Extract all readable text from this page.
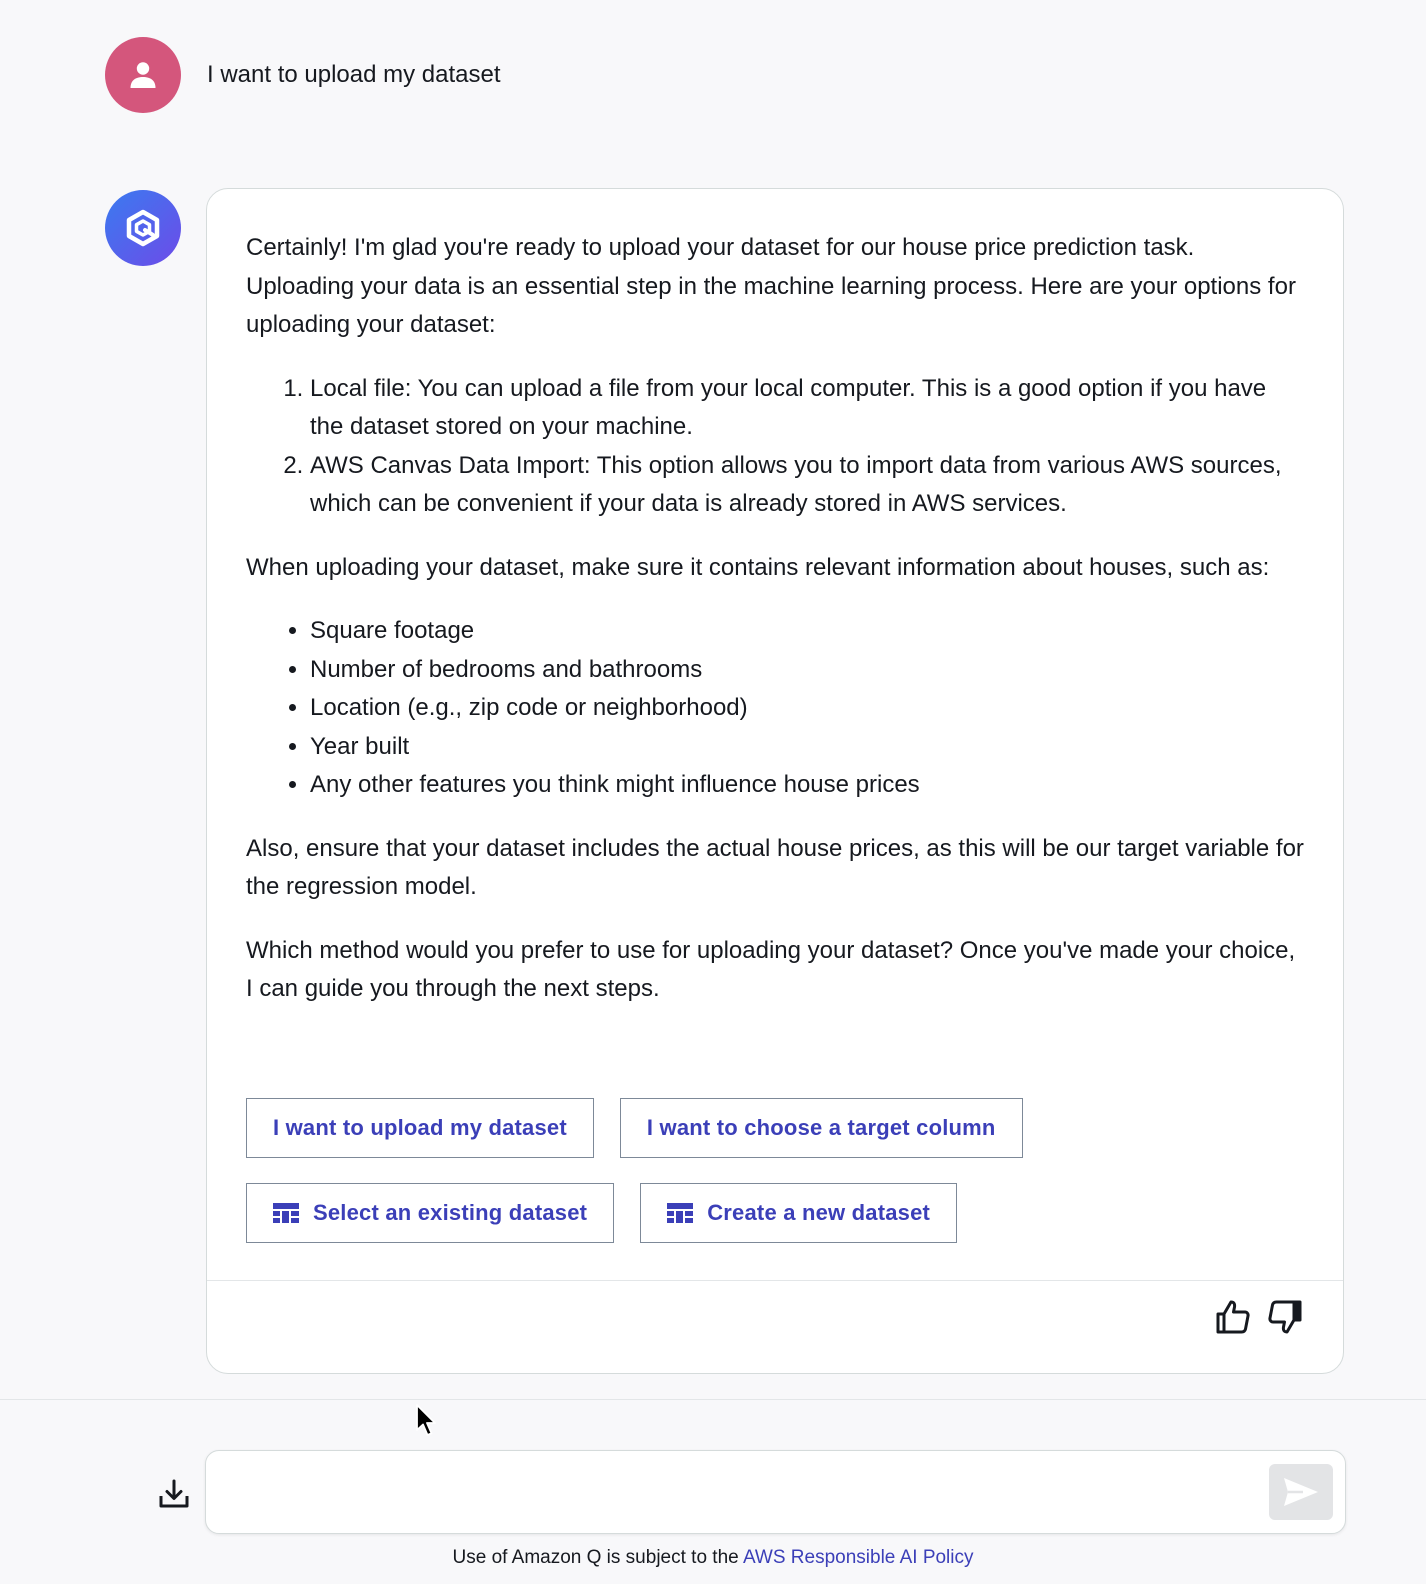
I want to upload my dataset

Certainly! I'm glad you're ready to upload your dataset for our house price prediction task. Uploading your data is an essential step in the machine learning process. Here are your options for uploading your dataset:

1. Local file: You can upload a file from your local computer. This is a good option if you have the dataset stored on your machine.
2. AWS Canvas Data Import: This option allows you to import data from various AWS sources, which can be convenient if your data is already stored in AWS services.

When uploading your dataset, make sure it contains relevant information about houses, such as:

• Square footage
• Number of bedrooms and bathrooms
• Location (e.g., zip code or neighborhood)
• Year built
• Any other features you think might influence house prices

Also, ensure that your dataset includes the actual house prices, as this will be our target variable for the regression model.

Which method would you prefer to use for uploading your dataset? Once you've made your choice, I can guide you through the next steps.

I want to upload my dataset	I want to choose a target column
Select an existing dataset	Create a new dataset
Use of Amazon Q is subject to the AWS Responsible AI Policy
